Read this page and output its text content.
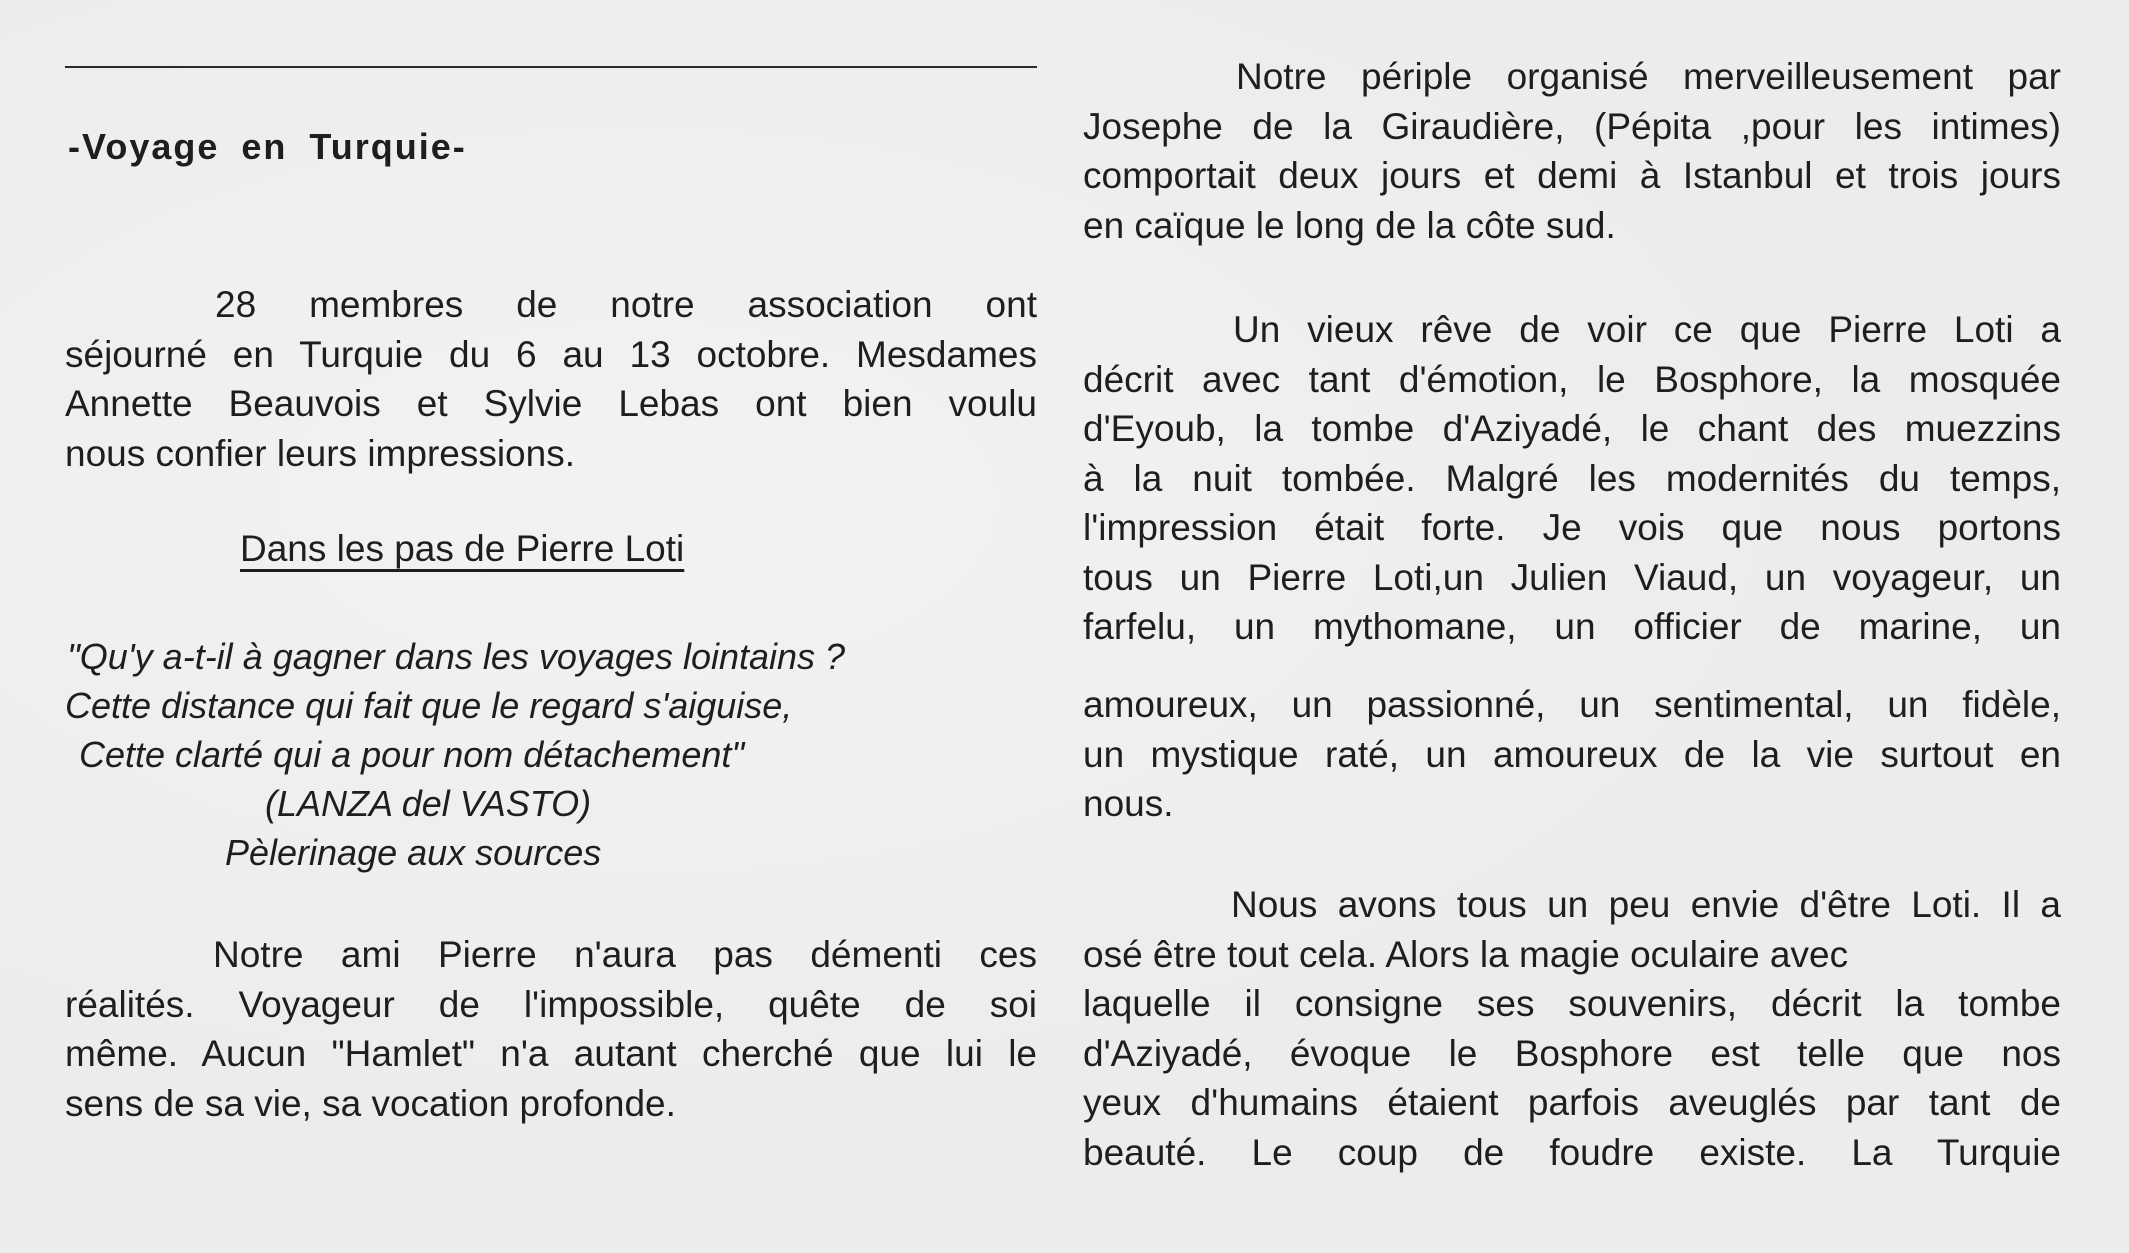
-Voyage en Turquie-
28 membres de notre association ont
séjourné en Turquie du 6 au 13 octobre. Mesdames
Annette Beauvois et Sylvie Lebas ont bien voulu
nous confier leurs impressions.
Dans les pas de Pierre Loti
"Qu'y a-t-il à gagner dans les voyages lointains ?
Cette distance qui fait que le regard s'aiguise,
Cette clarté qui a pour nom détachement"
(LANZA del VASTO)
Pèlerinage aux sources
Notre ami Pierre n'aura pas démenti ces
réalités. Voyageur de l'impossible, quête de soi
même. Aucun "Hamlet" n'a autant cherché que lui le
sens de sa vie, sa vocation profonde.
Notre périple organisé merveilleusement par
Josephe de la Giraudière, (Pépita ,pour les intimes)
comportait deux jours et demi à Istanbul et trois jours
en caïque le long de la côte sud.
Un vieux rêve de voir ce que Pierre Loti a
décrit avec tant d'émotion, le Bosphore, la mosquée
d'Eyoub, la tombe d'Aziyadé, le chant des muezzins
à la nuit tombée. Malgré les modernités du temps,
l'impression était forte. Je vois que nous portons
tous un Pierre Loti,un Julien Viaud, un voyageur, un
farfelu, un mythomane, un officier de marine, un
amoureux, un passionné, un sentimental, un fidèle,
un mystique raté, un amoureux de la vie surtout en
nous.
Nous avons tous un peu envie d'être Loti. Il a
osé être tout cela. Alors la magie oculaire avec
laquelle il consigne ses souvenirs, décrit la tombe
d'Aziyadé, évoque le Bosphore est telle que nos
yeux d'humains étaient parfois aveuglés par tant de
beauté. Le coup de foudre existe. La Turquie
